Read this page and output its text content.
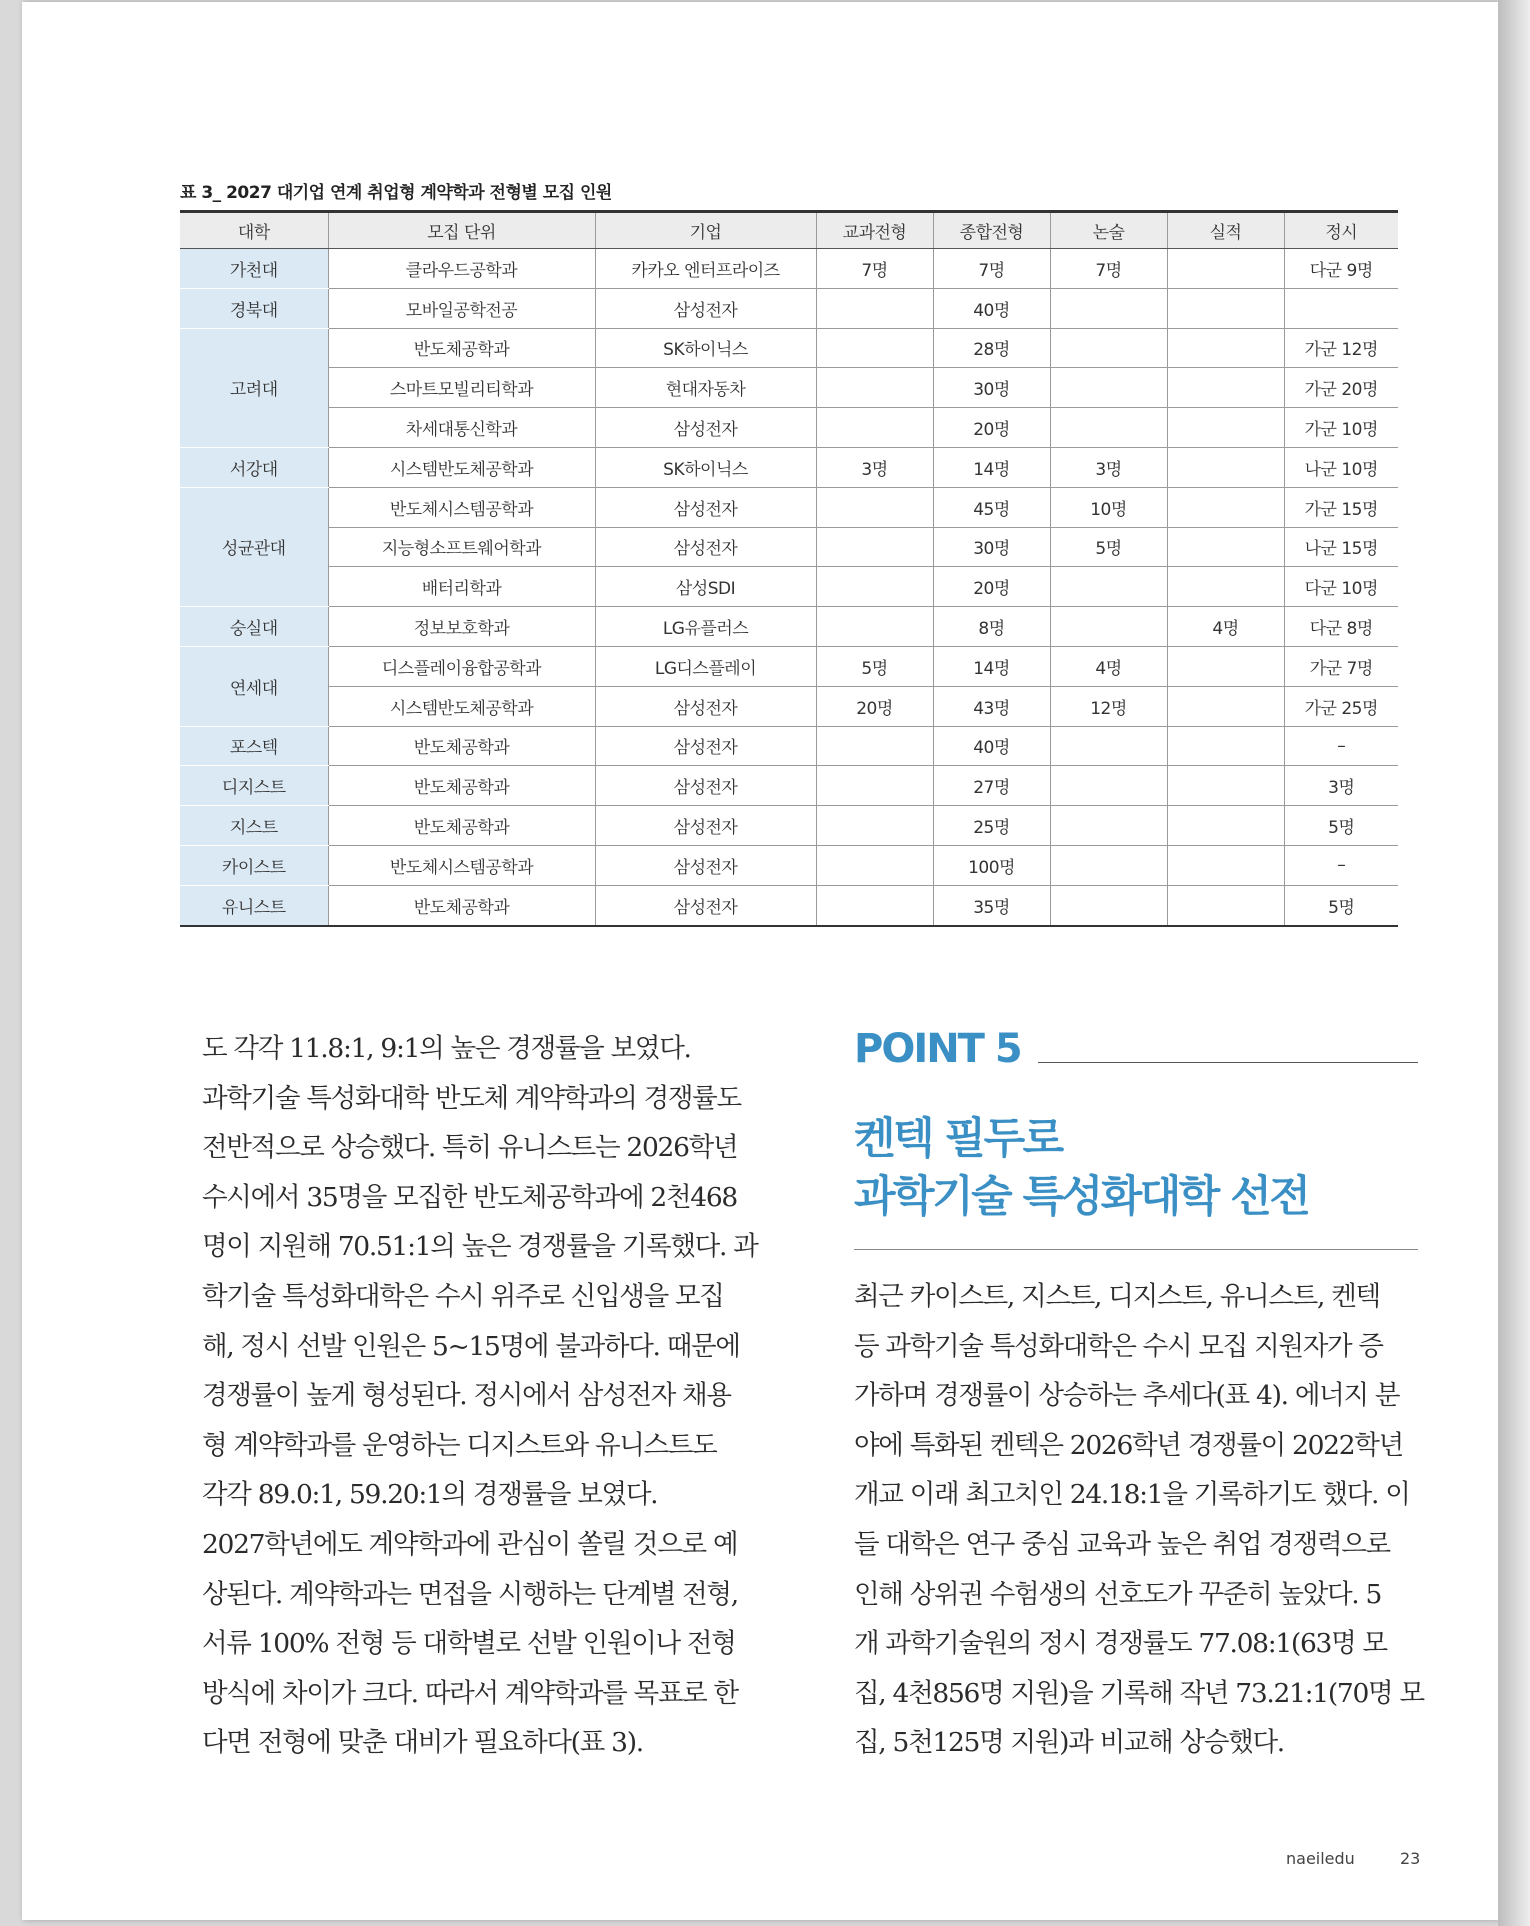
표 3_ 2027 대기업 연계 취업형 계약학과 전형별 모집 인원
대학	모집 단위	기업	교과전형	종합전형	논술	실적	정시
가천대	클라우드공학과	카카오 엔터프라이즈	7명	7명	7명		다군 9명
경북대	모바일공학전공	삼성전자		40명			
고려대	반도체공학과	SK하이닉스		28명			가군 12명
	스마트모빌리티학과	현대자동차		30명			가군 20명
	차세대통신학과	삼성전자		20명			가군 10명
서강대	시스템반도체공학과	SK하이닉스	3명	14명	3명		나군 10명
성균관대	반도체시스템공학과	삼성전자		45명	10명		가군 15명
	지능형소프트웨어학과	삼성전자		30명	5명		나군 15명
	배터리학과	삼성SDI		20명			다군 10명
숭실대	정보보호학과	LG유플러스		8명		4명	다군 8명
연세대	디스플레이융합공학과	LG디스플레이	5명	14명	4명		가군 7명
	시스템반도체공학과	삼성전자	20명	43명	12명		가군 25명
포스텍	반도체공학과	삼성전자		40명			–
디지스트	반도체공학과	삼성전자		27명			3명
지스트	반도체공학과	삼성전자		25명			5명
카이스트	반도체시스템공학과	삼성전자		100명			–
유니스트	반도체공학과	삼성전자		35명			5명
도 각각 11.8:1, 9:1의 높은 경쟁률을 보였다.
과학기술 특성화대학 반도체 계약학과의 경쟁률도
전반적으로 상승했다. 특히 유니스트는 2026학년
수시에서 35명을 모집한 반도체공학과에 2천468
명이 지원해 70.51:1의 높은 경쟁률을 기록했다. 과
학기술 특성화대학은 수시 위주로 신입생을 모집
해, 정시 선발 인원은 5~15명에 불과하다. 때문에
경쟁률이 높게 형성된다. 정시에서 삼성전자 채용
형 계약학과를 운영하는 디지스트와 유니스트도
각각 89.0:1, 59.20:1의 경쟁률을 보였다.
2027학년에도 계약학과에 관심이 쏠릴 것으로 예
상된다. 계약학과는 면접을 시행하는 단계별 전형,
서류 100% 전형 등 대학별로 선발 인원이나 전형
방식에 차이가 크다. 따라서 계약학과를 목표로 한
다면 전형에 맞춘 대비가 필요하다(표 3).
POINT 5
켄텍 필두로
과학기술 특성화대학 선전
최근 카이스트, 지스트, 디지스트, 유니스트, 켄텍
등 과학기술 특성화대학은 수시 모집 지원자가 증
가하며 경쟁률이 상승하는 추세다(표 4). 에너지 분
야에 특화된 켄텍은 2026학년 경쟁률이 2022학년
개교 이래 최고치인 24.18:1을 기록하기도 했다. 이
들 대학은 연구 중심 교육과 높은 취업 경쟁력으로
인해 상위권 수험생의 선호도가 꾸준히 높았다. 5
개 과학기술원의 정시 경쟁률도 77.08:1(63명 모
집, 4천856명 지원)을 기록해 작년 73.21:1(70명 모
집, 5천125명 지원)과 비교해 상승했다.
naeiledu	23
